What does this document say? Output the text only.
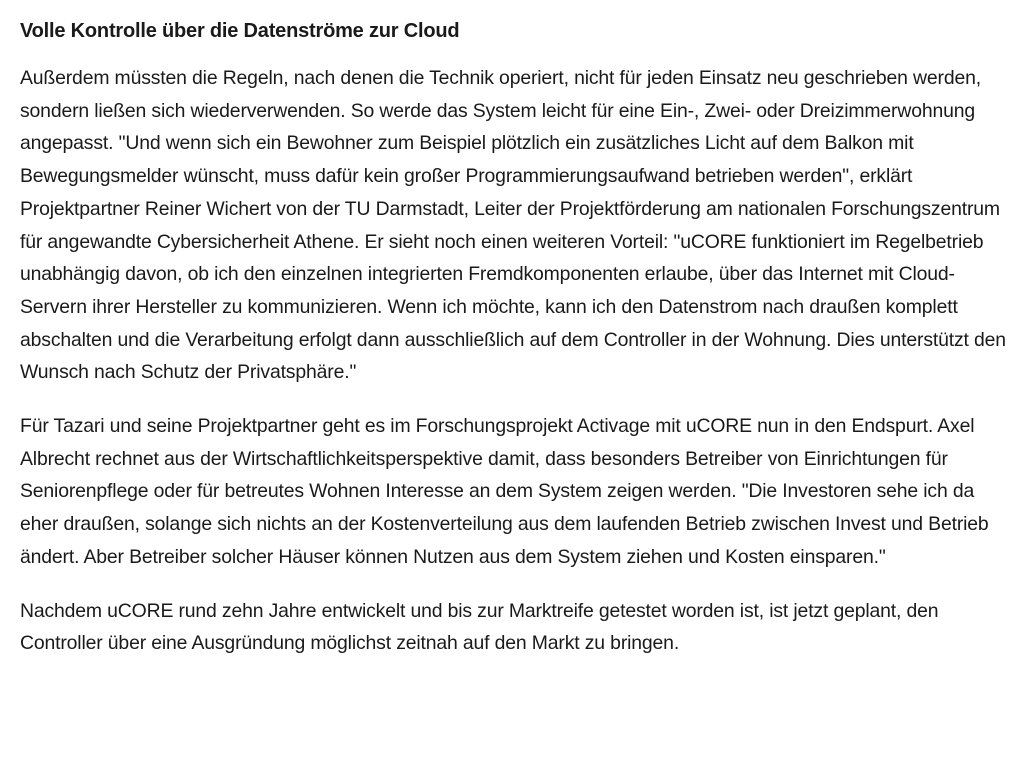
Volle Kontrolle über die Datenströme zur Cloud

Außerdem müssten die Regeln, nach denen die Technik operiert, nicht für jeden Einsatz neu geschrieben werden, sondern ließen sich wiederverwenden. So werde das System leicht für eine Ein-, Zwei- oder Dreizimmerwohnung angepasst. "Und wenn sich ein Bewohner zum Beispiel plötzlich ein zusätzliches Licht auf dem Balkon mit Bewegungsmelder wünscht, muss dafür kein großer Programmierungsaufwand betrieben werden", erklärt Projektpartner Reiner Wichert von der TU Darmstadt, Leiter der Projektförderung am nationalen Forschungszentrum für angewandte Cybersicherheit Athene. Er sieht noch einen weiteren Vorteil: "uCORE funktioniert im Regelbetrieb unabhängig davon, ob ich den einzelnen integrierten Fremdkomponenten erlaube, über das Internet mit Cloud-Servern ihrer Hersteller zu kommunizieren. Wenn ich möchte, kann ich den Datenstrom nach draußen komplett abschalten und die Verarbeitung erfolgt dann ausschließlich auf dem Controller in der Wohnung. Dies unterstützt den Wunsch nach Schutz der Privatsphäre."

Für Tazari und seine Projektpartner geht es im Forschungsprojekt Activage mit uCORE nun in den Endspurt. Axel Albrecht rechnet aus der Wirtschaftlichkeitsperspektive damit, dass besonders Betreiber von Einrichtungen für Seniorenpflege oder für betreutes Wohnen Interesse an dem System zeigen werden. "Die Investoren sehe ich da eher draußen, solange sich nichts an der Kostenverteilung aus dem laufenden Betrieb zwischen Invest und Betrieb ändert. Aber Betreiber solcher Häuser können Nutzen aus dem System ziehen und Kosten einsparen."

Nachdem uCORE rund zehn Jahre entwickelt und bis zur Marktreife getestet worden ist, ist jetzt geplant, den Controller über eine Ausgründung möglichst zeitnah auf den Markt zu bringen.
